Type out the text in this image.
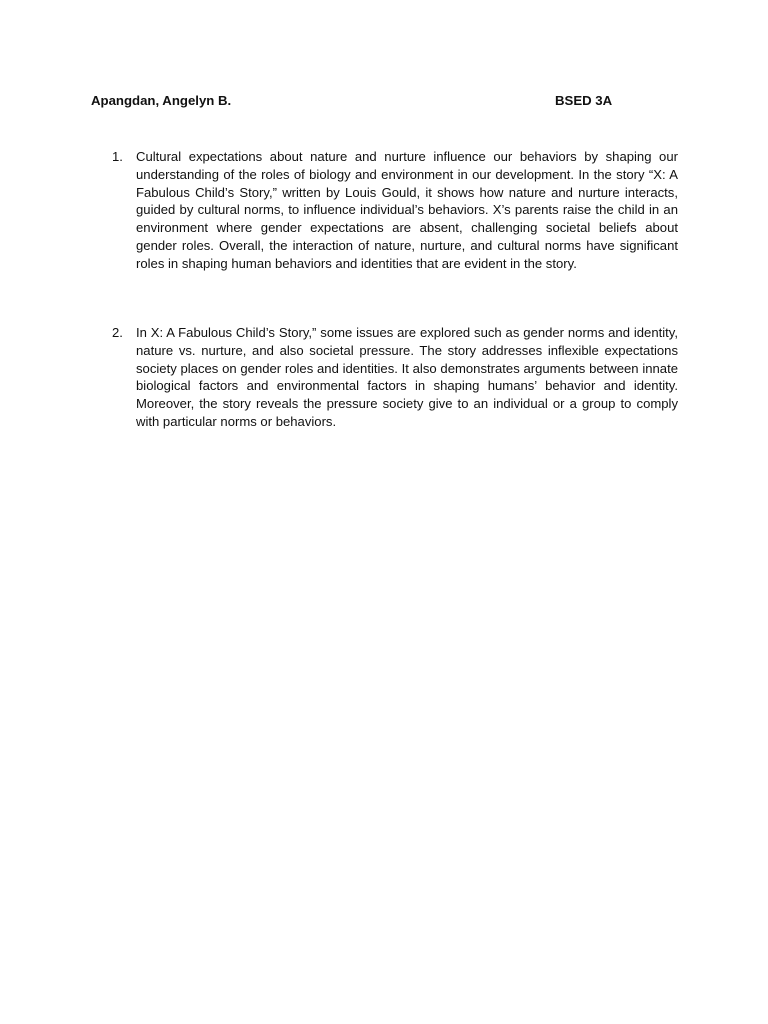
Apangdan, Angelyn B.	BSED 3A
1. Cultural expectations about nature and nurture influence our behaviors by shaping our understanding of the roles of biology and environment in our development. In the story “X: A Fabulous Child’s Story,” written by Louis Gould, it shows how nature and nurture interacts, guided by cultural norms, to influence individual’s behaviors. X’s parents raise the child in an environment where gender expectations are absent, challenging societal beliefs about gender roles. Overall, the interaction of nature, nurture, and cultural norms have significant roles in shaping human behaviors and identities that are evident in the story.
2. In X: A Fabulous Child’s Story,” some issues are explored such as gender norms and identity, nature vs. nurture, and also societal pressure. The story addresses inflexible expectations society places on gender roles and identities. It also demonstrates arguments between innate biological factors and environmental factors in shaping humans’ behavior and identity. Moreover, the story reveals the pressure society give to an individual or a group to comply with particular norms or behaviors.
